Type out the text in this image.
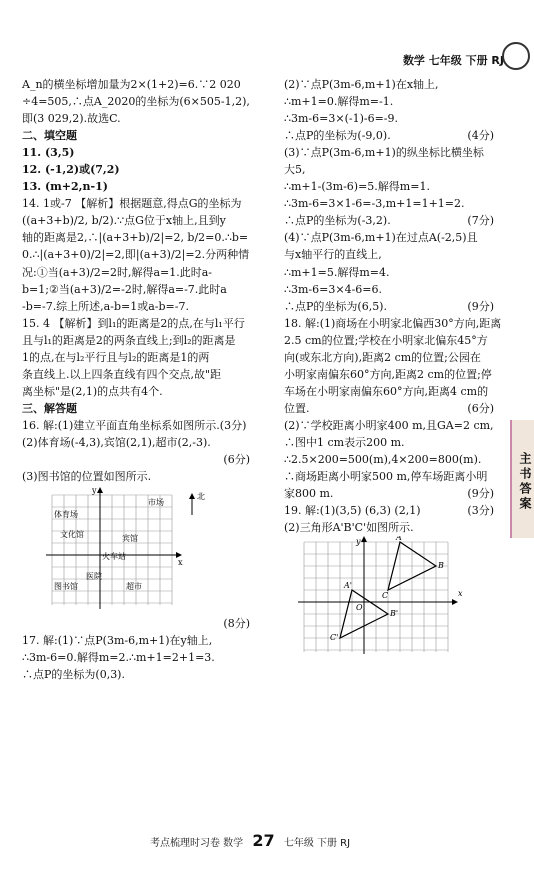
数学 七年级 下册 RJ
A_n的横坐标增加量为2×(1+2)=6.∵2 020
÷4=505,∴点A_2020的坐标为(6×505-1,2),
即(3 029,2).故选C.
二、填空题
11. (3,5)
12. (-1,2)或(7,2)
13. (m+2,n-1)
14. 1或-7 【解析】根据题意,得点G的坐标为
((a+3+b)/2, b/2).∵点G位于x轴上,且到y
轴的距离是2,∴|(a+3+b)/2|=2, b/2=0.∴b=
0.∴|(a+3+0)/2|=2,即|(a+3)/2|=2.分两种情
况:①当(a+3)/2=2时,解得a=1.此时a-
b=1;②当(a+3)/2=-2时,解得a=-7.此时a
-b=-7.综上所述,a-b=1或a-b=-7.
15. 4 【解析】到l₁的距离是2的点,在与l₁平行
且与l₁的距离是2的两条直线上;到l₂的距离是
1的点,在与l₂平行且与l₂的距离是1的两
条直线上.以上四条直线有四个交点,故"距
离坐标"是(2,1)的点共有4个.
三、解答题
16. 解:(1)建立平面直角坐标系如图所示.(3分)
(2)体育场(-4,3),宾馆(2,1),超市(2,-3).
(6分)
(3)图书馆的位置如图所示.
y
x
体育场
市场
宾馆
文化馆
火车站
图书馆
医院
超市
北
(8分)
17. 解:(1)∵点P(3m-6,m+1)在y轴上,
∴3m-6=0.解得m=2.∴m+1=2+1=3.
∴点P的坐标为(0,3).
(2)∵点P(3m-6,m+1)在x轴上,
∴m+1=0.解得m=-1.
∴3m-6=3×(-1)-6=-9.
∴点P的坐标为(-9,0).	(4分)
(3)∵点P(3m-6,m+1)的纵坐标比横坐标
大5,
∴m+1-(3m-6)=5.解得m=1.
∴3m-6=3×1-6=-3,m+1=1+1=2.
∴点P的坐标为(-3,2).	(7分)
(4)∵点P(3m-6,m+1)在过点A(-2,5)且
与x轴平行的直线上,
∴m+1=5.解得m=4.
∴3m-6=3×4-6=6.
∴点P的坐标为(6,5).	(9分)
18. 解:(1)商场在小明家北偏西30°方向,距离
2.5 cm的位置;学校在小明家北偏东45°方
向(或东北方向),距离2 cm的位置;公园在
小明家南偏东60°方向,距离2 cm的位置;停
车场在小明家南偏东60°方向,距离4 cm的
位置.	(6分)
(2)∵学校距离小明家400 m,且GA=2 cm,
∴图中1 cm表示200 m.
∴2.5×200=500(m),4×200=800(m).
∴商场距离小明家500 m,停车场距离小明
家800 m.	(9分)
19. 解:(1)(3,5) (6,3) (2,1)	(3分)
(2)三角形A'B'C'如图所示.
A
B
C
A'
B'
C'
x
y
O
主书答案
考点梳理时习卷 数学 27 七年级 下册 RJ
